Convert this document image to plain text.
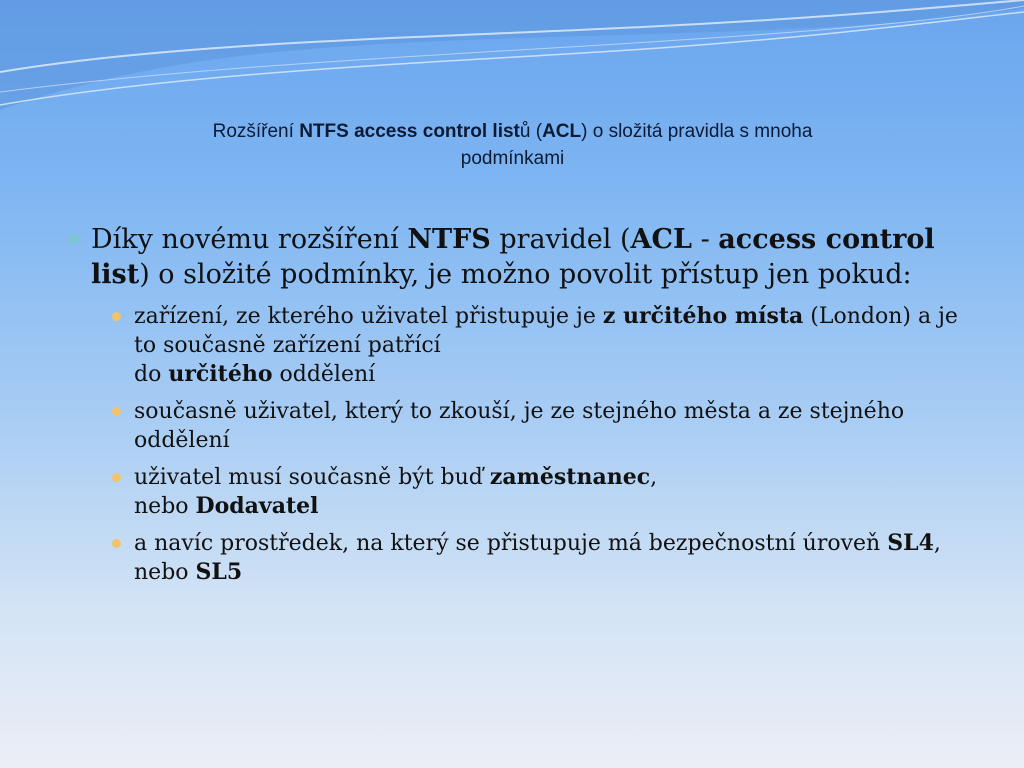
Rozšíření NTFS access control listů (ACL) o složitá pravidla s mnoha
podmínkami
Díky novému rozšíření NTFS pravidel (ACL - access control list) o složité podmínky, je možno povolit přístup jen pokud:
zařízení, ze kterého uživatel přistupuje je z určitého místa (London) a je to současně zařízení patřící
do určitého oddělení
současně uživatel, který to zkouší, je ze stejného města a ze stejného oddělení
uživatel musí současně být buď zaměstnanec,
nebo Dodavatel
a navíc prostředek, na který se přistupuje má bezpečnostní úroveň SL4, nebo SL5
